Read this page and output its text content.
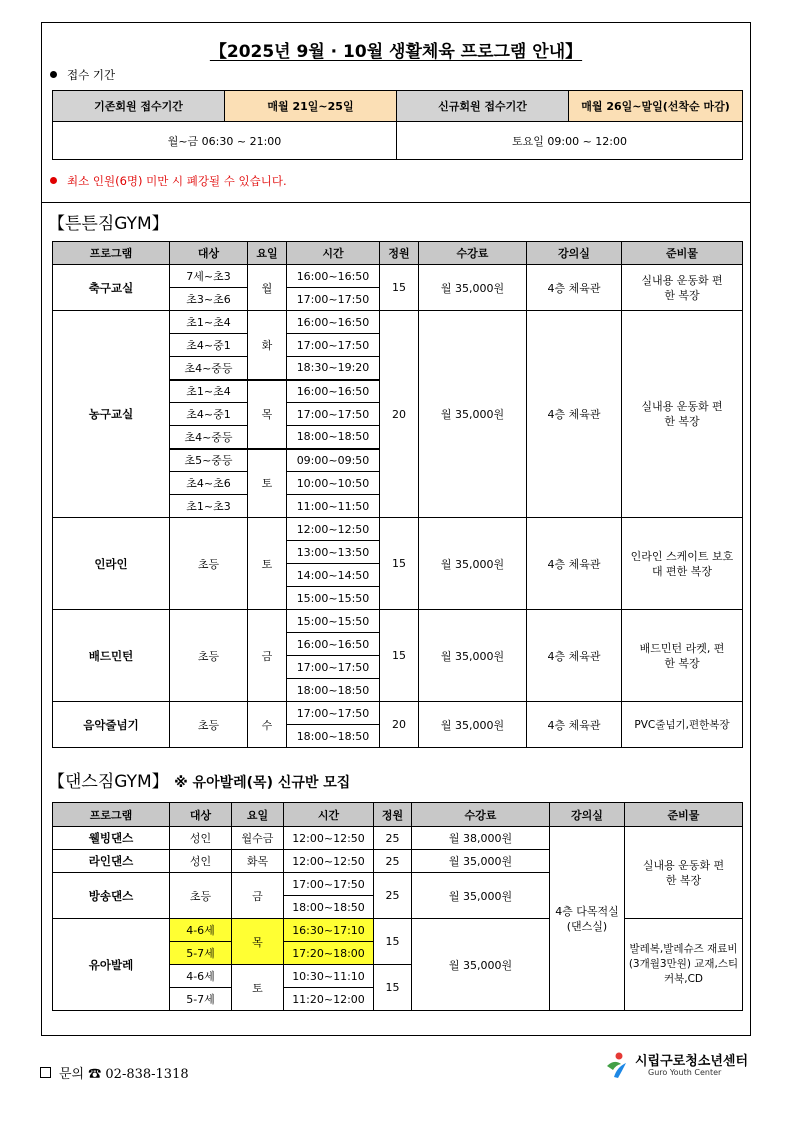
【2025년 9월 · 10월 생활체육 프로그램 안내】
접수 기간
기존회원 접수기간	매월 21일~25일	신규회원 접수기간	매월 26일~말일(선착순 마감)
월~금 06:30 ~ 21:00		토요일 09:00 ~ 12:00	
최소 인원(6명) 미만 시 폐강될 수 있습니다.
【튼튼짐GYM】
프로그램	대상	요일	시간	정원	수강료	강의실	준비물
축구교실	7세~초3	월	16:00~16:50	15	월 35,000원	4층 체육관	실내용 운동화 편한 복장
	초3~초6		17:00~17:50				
농구교실	초1~초4	화	16:00~16:50	20	월 35,000원	4층 체육관	실내용 운동화 편한 복장
	초4~중1		17:00~17:50				
	초4~중등		18:30~19:20				
	초1~초4	목	16:00~16:50				
	초4~중1		17:00~17:50				
	초4~중등		18:00~18:50				
	초5~중등	토	09:00~09:50				
	초4~초6		10:00~10:50				
	초1~초3		11:00~11:50				
인라인	초등	토	12:00~12:50	15	월 35,000원	4층 체육관	인라인 스케이트 보호대 편한 복장
			13:00~13:50				
			14:00~14:50				
			15:00~15:50				
배드민턴	초등	금	15:00~15:50	15	월 35,000원	4층 체육관	배드민턴 라켓, 편한 복장
			16:00~16:50				
			17:00~17:50				
			18:00~18:50				
음악줄넘기	초등	수	17:00~17:50	20	월 35,000원	4층 체육관	PVC줄넘기,편한복장
			18:00~18:50				
【댄스짐GYM】 ※ 유아발레(목) 신규반 모집
프로그램	대상	요일	시간	정원	수강료	강의실	준비물
웰빙댄스	성인	월수금	12:00~12:50	25	월 38,000원	4층 다목적실 (댄스실)	실내용 운동화 편한 복장
라인댄스	성인	화목	12:00~12:50	25	월 35,000원		
방송댄스	초등	금	17:00~17:50	25	월 35,000원		
			18:00~18:50				
유아발레	4-6세	목	16:30~17:10	15	월 35,000원		발레복,발레슈즈 재료비(3개월3만원) 교재,스티커북,CD
	5-7세		17:20~18:00				
	4-6세	토	10:30~11:10	15			
	5-7세		11:20~12:00				
문의 ☎ 02-838-1318
시립구로청소년센터
Guro Youth Center
